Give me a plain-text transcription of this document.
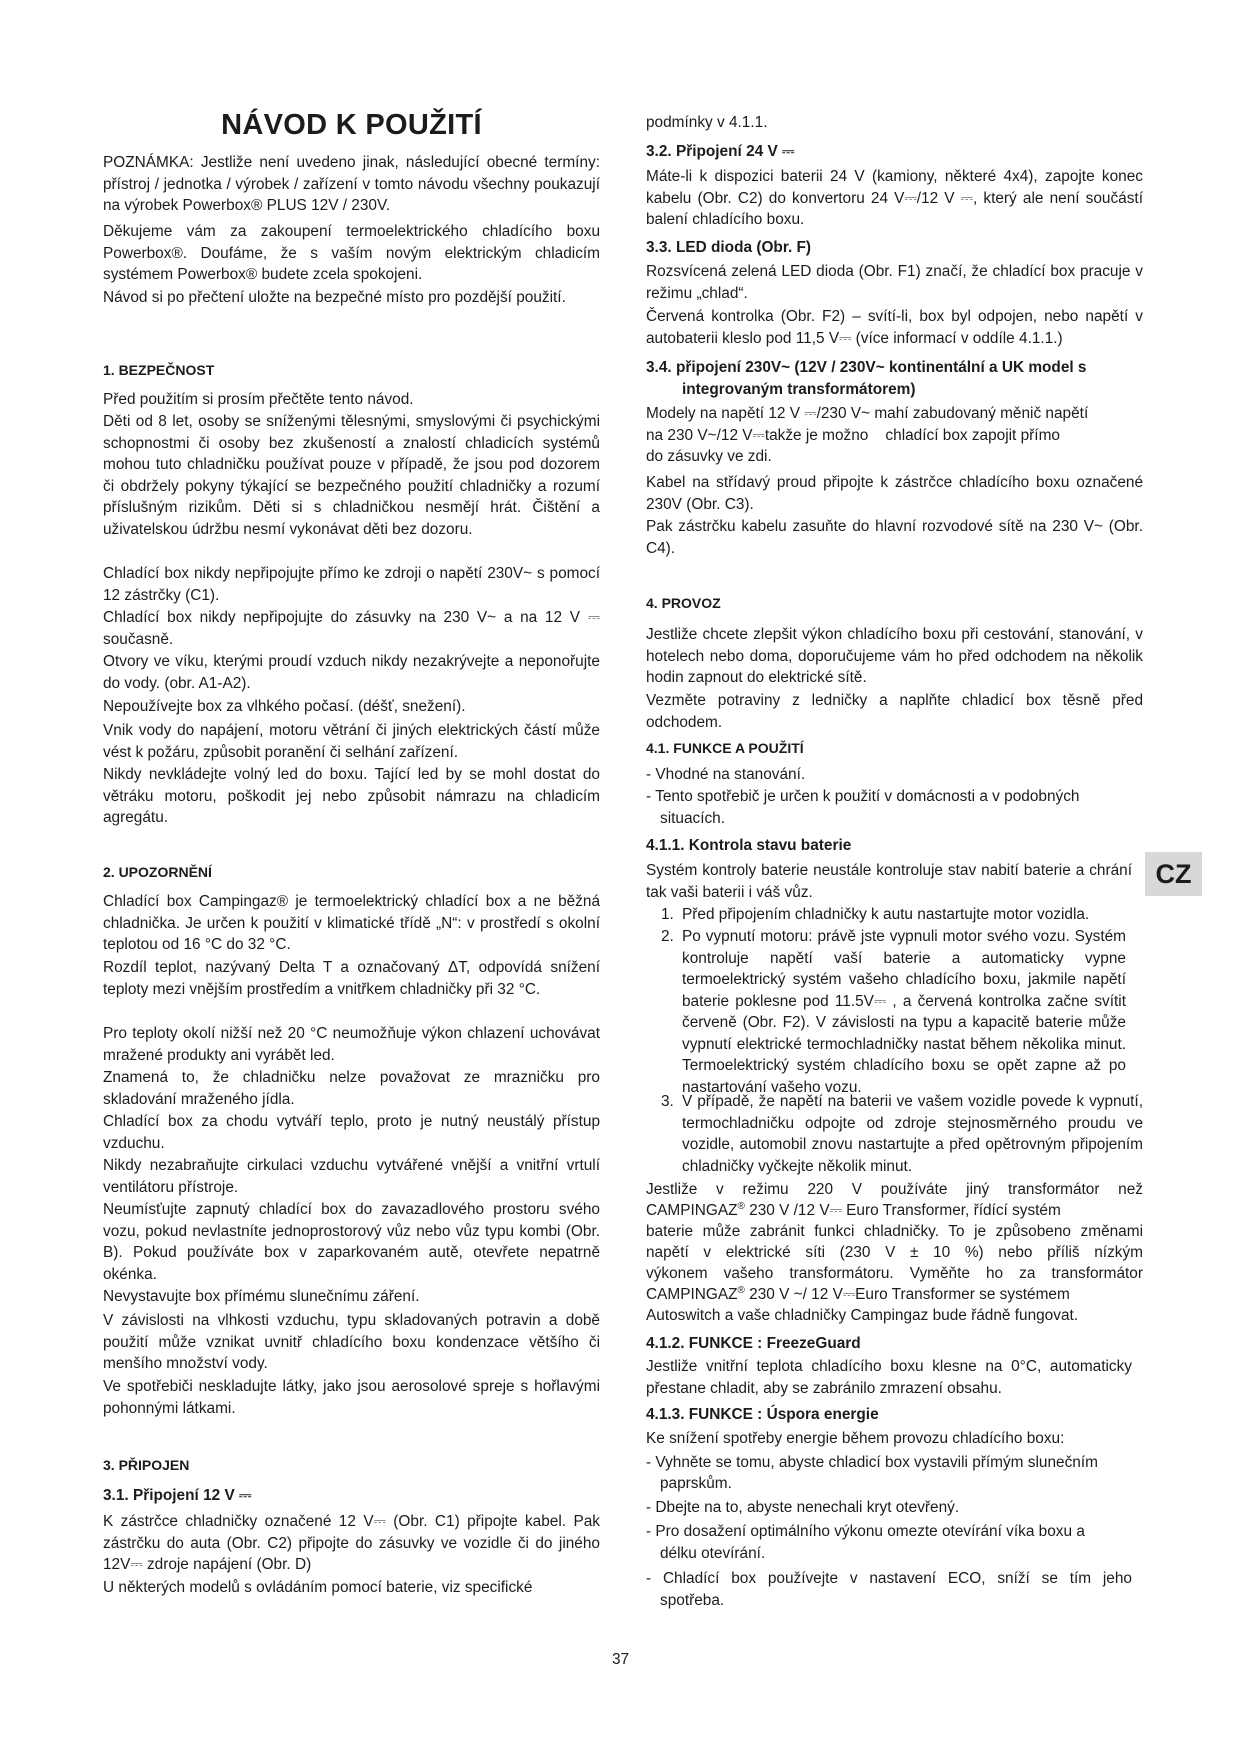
NÁVOD K POUŽITÍ

POZNÁMKA: Jestliže není uvedeno jinak, následující obecné termíny: přístroj / jednotka / výrobek / zařízení v tomto návodu všechny poukazují na výrobek Powerbox® PLUS 12V / 230V.

Děkujeme vám za zakoupení termoelektrického chladícího boxu Powerbox®. Doufáme, že s vaším novým elektrickým chladicím systémem Powerbox® budete zcela spokojeni.

Návod si po přečtení uložte na bezpečné místo pro pozdější použití.

1. BEZPEČNOST

Před použitím si prosím přečtěte tento návod.

Děti od 8 let, osoby se sníženými tělesnými, smyslovými či psychickými schopnostmi či osoby bez zkušeností a znalostí chladicích systémů mohou tuto chladničku používat pouze v případě, že jsou pod dozorem či obdržely pokyny týkající se bezpečného použití chladničky a rozumí příslušným rizikům. Děti si s chladničkou nesmějí hrát. Čištění a uživatelskou údržbu nesmí vykonávat děti bez dozoru.

Chladící box nikdy nepřipojujte přímo ke zdroji o napětí 230V~ s pomocí 12 zástrčky (C1).

Chladící box nikdy nepřipojujte do zásuvky na 230 V~ a na 12 V ⎓ současně.

Otvory ve víku, kterými proudí vzduch nikdy nezakrývejte a neponořujte do vody. (obr. A1-A2).

Nepoužívejte box za vlhkého počasí. (déšť, snežení).

Vnik vody do napájení, motoru větrání či jiných elektrických částí může vést k požáru, způsobit poranění či selhání zařízení.

Nikdy nevkládejte volný led do boxu. Tající led by se mohl dostat do větráku motoru, poškodit jej nebo způsobit námrazu na chladicím agregátu.

2. UPOZORNĚNÍ

Chladící box Campingaz® je termoelektrický chladící box a ne běžná chladnička. Je určen k použití v klimatické třídě „N“: v prostředí s okolní teplotou od 16 °C do 32 °C.

Rozdíl teplot, nazývaný Delta T a označovaný ΔT, odpovídá snížení teploty mezi vnějším prostředím a vnitřkem chladničky při 32 °C.

Pro teploty okolí nižší než 20 °C neumožňuje výkon chlazení uchovávat mražené produkty ani vyrábět led.

Znamená to, že chladničku nelze považovat ze mrazničku pro skladování mraženého jídla.

Chladící box za chodu vytváří teplo, proto je nutný neustálý přístup vzduchu.

Nikdy nezabraňujte cirkulaci vzduchu vytvářené vnější a vnitřní vrtulí ventilátoru přístroje.

Neumísťujte zapnutý chladící box do zavazadlového prostoru svého vozu, pokud nevlastníte jednoprostorový vůz nebo vůz typu kombi (Obr. B). Pokud používáte box v zaparkovaném autě, otevřete nepatrně okénka.

Nevystavujte box přímému slunečnímu záření.

V závislosti na vlhkosti vzduchu, typu skladovaných potravin a době použití může vznikat uvnitř chladícího boxu kondenzace většího či menšího množství vody.

Ve spotřebiči neskladujte látky, jako jsou aerosolové spreje s hořlavými pohonnými látkami.

3. PŘIPOJEN
3.1. Připojení 12 V ⎓

K zástrčce chladničky označené 12 V⎓ (Obr. C1) připojte kabel. Pak zástrčku do auta (Obr. C2) připojte do zásuvky ve vozidle či do jiného 12V⎓ zdroje napájení (Obr. D)

U některých modelů s ovládáním pomocí baterie, viz specifické

podmínky v 4.1.1.

3.2. Připojení 24 V ⎓

Máte-li k dispozici baterii 24 V (kamiony, některé 4x4), zapojte konec kabelu (Obr. C2) do konvertoru 24 V⎓/12 V ⎓, který ale není součástí balení chladícího boxu.

3.3. LED dioda (Obr. F)

Rozsvícená zelená LED dioda (Obr. F1) značí, že chladící box pracuje v režimu „chlad“.

Červená kontrolka (Obr. F2) – svítí-li, box byl odpojen, nebo napětí v autobaterii kleslo pod 11,5 V⎓ (více informací v oddíle 4.1.1.)

3.4. připojení 230V~ (12V / 230V~ kontinentální a UK model s
integrovaným transformátorem)
Modely na napětí 12 V ⎓/230 V~ mahí zabudovaný měnič napětí
na 230 V~/12 V⎓takže je možno    chladící box zapojit přímo
do zásuvky ve zdi.

Kabel na střídavý proud připojte k zástrčce chladícího boxu označené 230V (Obr. C3).

Pak zástrčku kabelu zasuňte do hlavní rozvodové sítě na 230 V~ (Obr. C4).

4. PROVOZ

Jestliže chcete zlepšit výkon chladícího boxu při cestování, stanování, v hotelech nebo doma, doporučujeme vám ho před odchodem na několik hodin zapnout do elektrické sítě.

Vezměte potraviny z ledničky a naplňte chladicí box těsně před odchodem.

4.1. FUNKCE A POUŽITÍ
- Vhodné na stanování.
- Tento spotřebič je určen k použití v domácnosti a v podobných
situacích.
4.1.1. Kontrola stavu baterie

Systém kontroly baterie neustále kontroluje stav nabití baterie a chrání tak vaši baterii i váš vůz.

1. Před připojením chladničky k autu nastartujte motor vozidla.

2. Po vypnutí motoru: právě jste vypnuli motor svého vozu. Systém kontroluje napětí vaší baterie a automaticky vypne termoelektrický systém vašeho chladícího boxu, jakmile napětí baterie poklesne pod 11.5V⎓ , a červená kontrolka začne svítit červeně (Obr. F2). V závislosti na typu a kapacitě baterie může vypnutí elektrické termochladničky nastat během několika minut. Termoelektrický systém chladícího boxu se opět zapne až po nastartování vašeho vozu.

3. V případě, že napětí na baterii ve vašem vozidle povede k vypnutí, termochladničku odpojte od zdroje stejnosměrného proudu ve vozidle, automobil znovu nastartujte a před opětrovným připojením chladničky vyčkejte několik minut.

Jestliže v režimu 220 V používáte jiný transformátor než
CAMPINGAZ® 230 V /12 V⎓ Euro Transformer, řídící systém
baterie může zabránit funkci chladničky. To je způsobeno změnami
napětí v elektrické síti (230 V ± 10 %) nebo příliš nízkým
výkonem vašeho transformátoru. Vyměňte ho za transformátor
CAMPINGAZ® 230 V ~/ 12 V⎓Euro Transformer se systémem
Autoswitch a vaše chladničky Campingaz bude řádně fungovat.
4.1.2. FUNKCE : FreezeGuard

Jestliže vnitřní teplota chladícího boxu klesne na 0°C, automaticky přestane chladit, aby se zabránilo zmrazení obsahu.

4.1.3. FUNKCE : Úspora energie
Ke snížení spotřeby energie během provozu chladícího boxu:
- Vyhněte se tomu, abyste chladicí box vystavili přímým slunečním
paprskům.
- Dbejte na to, abyste nenechali kryt otevřený.
- Pro dosažení optimálního výkonu omezte otevírání víka boxu a
délku otevírání.
- Chladící box používejte v nastavení ECO, sníží se tím jeho
spotřeba.
CZ
37
